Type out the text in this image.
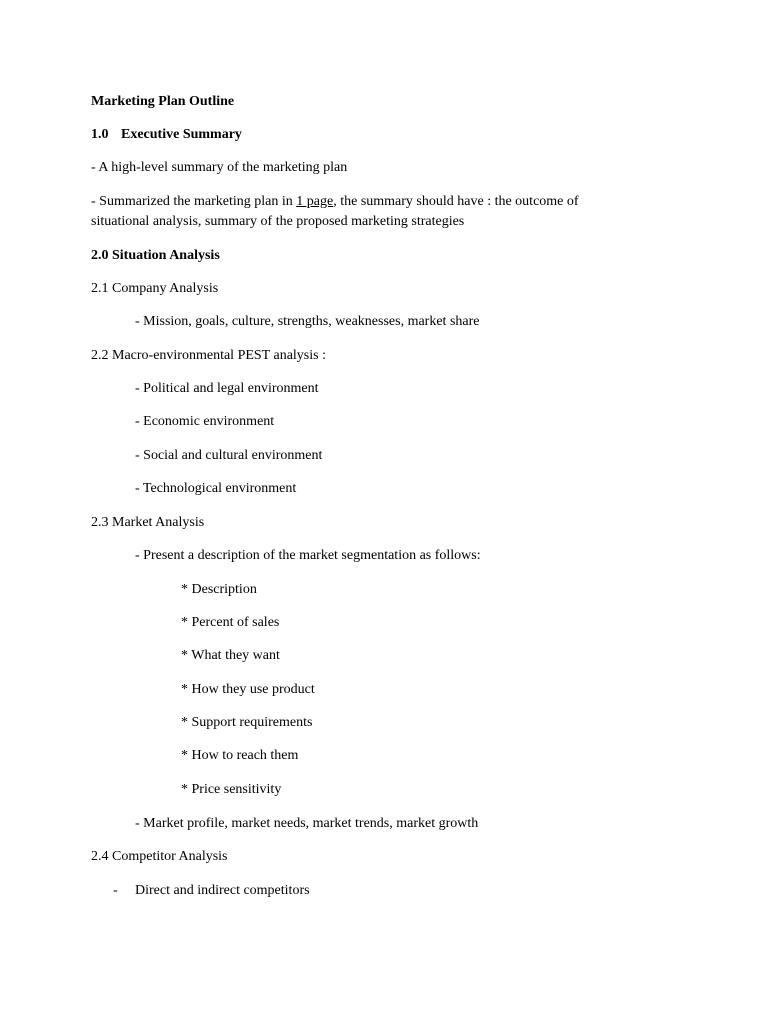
Marketing Plan Outline
1.0 Executive Summary
- A high-level summary of the marketing plan
- Summarized the marketing plan in 1 page, the summary should have : the outcome of
situational analysis, summary of the proposed marketing strategies
2.0 Situation Analysis
2.1 Company Analysis
- Mission, goals, culture, strengths, weaknesses, market share
2.2 Macro-environmental PEST analysis :
- Political and legal environment
- Economic environment
- Social and cultural environment
- Technological environment
2.3 Market Analysis
- Present a description of the market segmentation as follows:
* Description
* Percent of sales
* What they want
* How they use product
* Support requirements
* How to reach them
* Price sensitivity
- Market profile, market needs, market trends, market growth
2.4 Competitor Analysis
- Direct and indirect competitors
